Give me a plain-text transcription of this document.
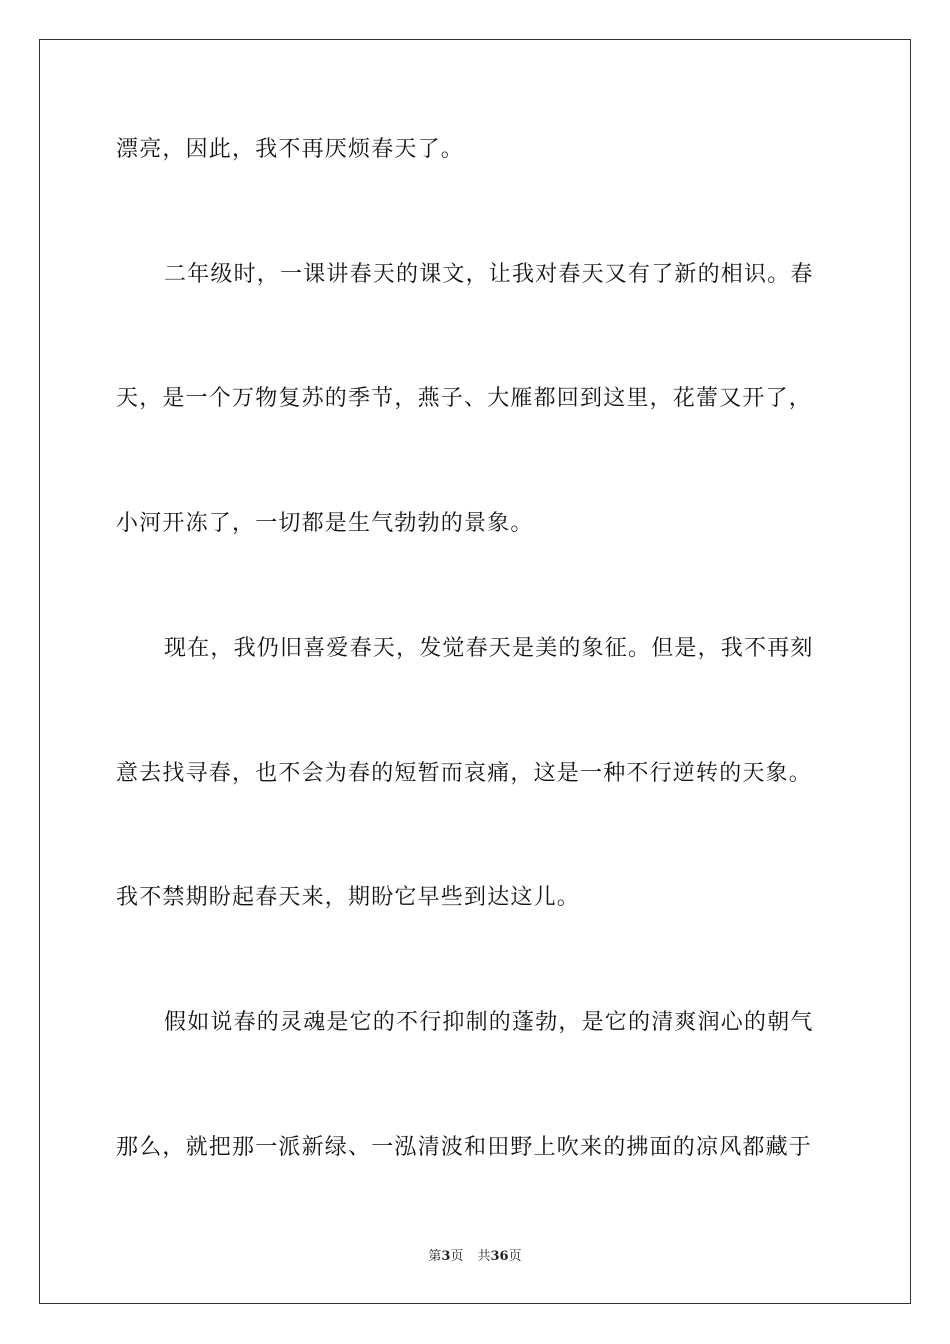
漂亮，因此，我不再厌烦春天了。
二年级时，一课讲春天的课文，让我对春天又有了新的相识。春
天，是一个万物复苏的季节，燕子、大雁都回到这里，花蕾又开了，
小河开冻了，一切都是生气勃勃的景象。
现在，我仍旧喜爱春天，发觉春天是美的象征。但是，我不再刻
意去找寻春，也不会为春的短暂而哀痛，这是一种不行逆转的天象。
我不禁期盼起春天来，期盼它早些到达这儿。
假如说春的灵魂是它的不行抑制的蓬勃，是它的清爽润心的朝气
那么，就把那一派新绿、一泓清波和田野上吹来的拂面的凉风都藏于
第3页 共36页
